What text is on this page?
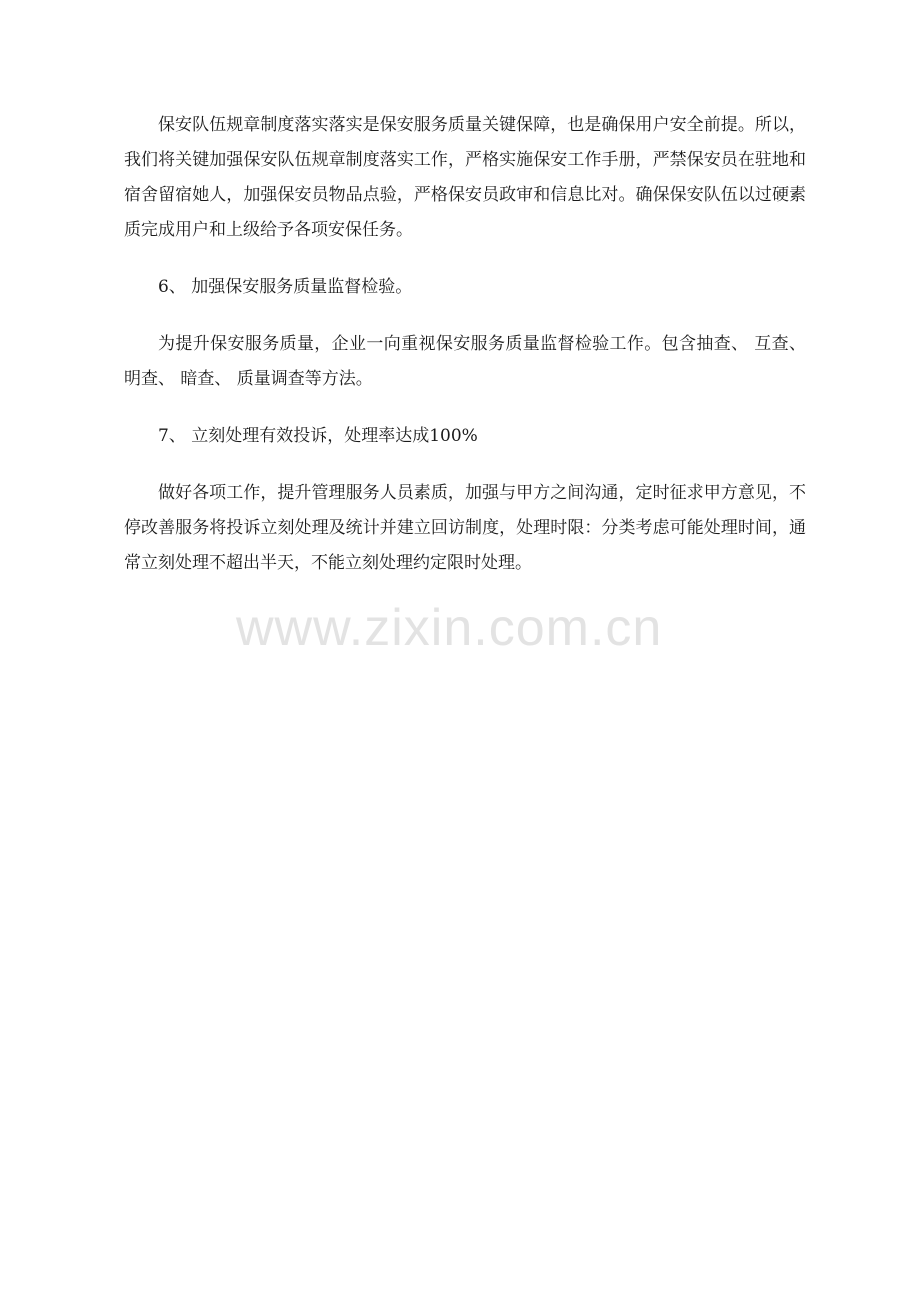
保安队伍规章制度落实落实是保安服务质量关键保障，也是确保用户安全前提。所以，我们将关键加强保安队伍规章制度落实工作，严格实施保安工作手册，严禁保安员在驻地和宿舍留宿她人，加强保安员物品点验，严格保安员政审和信息比对。确保保安队伍以过硬素质完成用户和上级给予各项安保任务。

6、 加强保安服务质量监督检验。

为提升保安服务质量，企业一向重视保安服务质量监督检验工作。包含抽查、 互查、 明查、 暗查、 质量调查等方法。

7、 立刻处理有效投诉，处理率达成100%

做好各项工作，提升管理服务人员素质，加强与甲方之间沟通，定时征求甲方意见，不停改善服务将投诉立刻处理及统计并建立回访制度，处理时限：分类考虑可能处理时间，通常立刻处理不超出半天，不能立刻处理约定限时处理。

www.zixin.com.cn
